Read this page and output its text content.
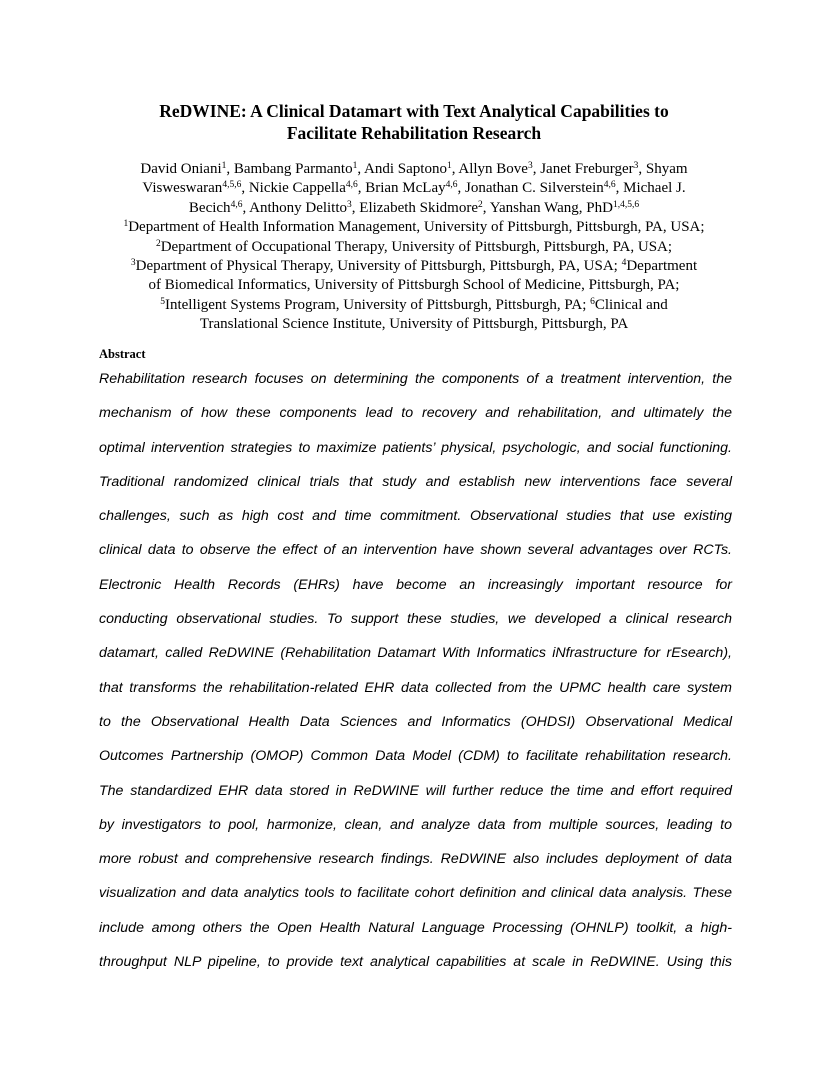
ReDWINE: A Clinical Datamart with Text Analytical Capabilities to
Facilitate Rehabilitation Research
David Oniani$^1$, Bambang Parmanto$^1$, Andi Saptono$^1$, Allyn Bove$^3$, Janet Freburger$^3$, Shyam
Visweswaran$^{4,5,6}$, Nickie Cappella$^{4,6}$, Brian McLay$^{4,6}$, Jonathan C. Silverstein$^{4,6}$, Michael J.
Becich$^{4,6}$, Anthony Delitto$^3$, Elizabeth Skidmore$^2$, Yanshan Wang, PhD$^{1,4,5,6}$
$^1$Department of Health Information Management, University of Pittsburgh, Pittsburgh, PA, USA;
$^2$Department of Occupational Therapy, University of Pittsburgh, Pittsburgh, PA, USA;
$^3$Department of Physical Therapy, University of Pittsburgh, Pittsburgh, PA, USA; $^4$Department
of Biomedical Informatics, University of Pittsburgh School of Medicine, Pittsburgh, PA;
$^5$Intelligent Systems Program, University of Pittsburgh, Pittsburgh, PA; $^6$Clinical and
Translational Science Institute, University of Pittsburgh, Pittsburgh, PA
Abstract
Rehabilitation research focuses on determining the components of a treatment intervention, the
mechanism of how these components lead to recovery and rehabilitation, and ultimately the
optimal intervention strategies to maximize patients’ physical, psychologic, and social functioning.
Traditional randomized clinical trials that study and establish new interventions face several
challenges, such as high cost and time commitment. Observational studies that use existing
clinical data to observe the effect of an intervention have shown several advantages over RCTs.
Electronic Health Records (EHRs) have become an increasingly important resource for
conducting observational studies. To support these studies, we developed a clinical research
datamart, called ReDWINE (Rehabilitation Datamart With Informatics iNfrastructure for rEsearch),
that transforms the rehabilitation-related EHR data collected from the UPMC health care system
to the Observational Health Data Sciences and Informatics (OHDSI) Observational Medical
Outcomes Partnership (OMOP) Common Data Model (CDM) to facilitate rehabilitation research.
The standardized EHR data stored in ReDWINE will further reduce the time and effort required
by investigators to pool, harmonize, clean, and analyze data from multiple sources, leading to
more robust and comprehensive research findings. ReDWINE also includes deployment of data
visualization and data analytics tools to facilitate cohort definition and clinical data analysis. These
include among others the Open Health Natural Language Processing (OHNLP) toolkit, a high-
throughput NLP pipeline, to provide text analytical capabilities at scale in ReDWINE. Using this
